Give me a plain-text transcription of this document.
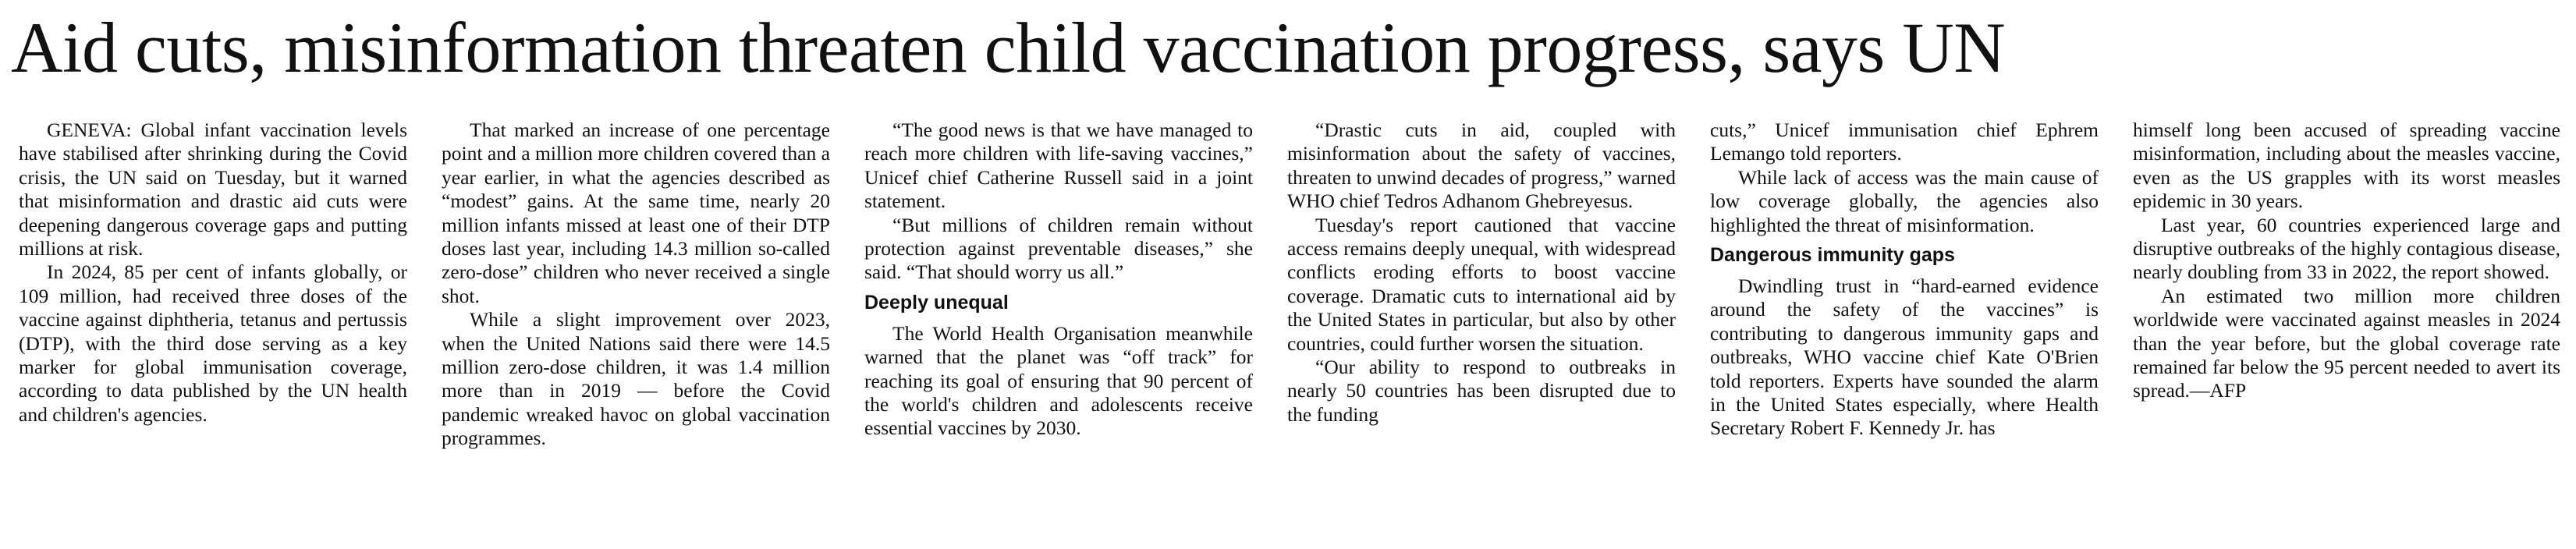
Aid cuts, misinformation threaten child vaccination progress, says UN

GENEVA: Global infant vaccination levels have stabilised after shrinking during the Covid crisis, the UN said on Tuesday, but it warned that misinformation and drastic aid cuts were deepening dangerous coverage gaps and putting millions at risk.

In 2024, 85 per cent of infants globally, or 109 million, had received three doses of the vaccine against diphtheria, tetanus and pertussis (DTP), with the third dose serving as a key marker for global immunisation coverage, according to data published by the UN health and children's agencies.

That marked an increase of one percentage point and a million more children covered than a year earlier, in what the agencies described as “modest” gains. At the same time, nearly 20 million infants missed at least one of their DTP doses last year, including 14.3 million so-called zero-dose” children who never received a single shot.

While a slight improvement over 2023, when the United Nations said there were 14.5 million zero-dose children, it was 1.4 million more than in 2019 — before the Covid pandemic wreaked havoc on global vaccination programmes.

“The good news is that we have managed to reach more children with life-saving vaccines,” Unicef chief Catherine Russell said in a joint statement.

“But millions of children remain without protection against preventable diseases,” she said. “That should worry us all.”

Deeply unequal

The World Health Organisation meanwhile warned that the planet was “off track” for reaching its goal of ensuring that 90 percent of the world's children and adolescents receive essential vaccines by 2030.

“Drastic cuts in aid, coupled with misinformation about the safety of vaccines, threaten to unwind decades of progress,” warned WHO chief Tedros Adhanom Ghebreyesus.

Tuesday's report cautioned that vaccine access remains deeply unequal, with widespread conflicts eroding efforts to boost vaccine coverage. Dramatic cuts to international aid by the United States in particular, but also by other countries, could further worsen the situation.

“Our ability to respond to outbreaks in nearly 50 countries has been disrupted due to the funding

cuts,” Unicef immunisation chief Ephrem Lemango told reporters.

While lack of access was the main cause of low coverage globally, the agencies also highlighted the threat of misinformation.

Dangerous immunity gaps

Dwindling trust in “hard-earned evidence around the safety of the vaccines” is contributing to dangerous immunity gaps and outbreaks, WHO vaccine chief Kate O'Brien told reporters. Experts have sounded the alarm in the United States especially, where Health Secretary Robert F. Kennedy Jr. has

himself long been accused of spreading vaccine misinformation, including about the measles vaccine, even as the US grapples with its worst measles epidemic in 30 years.

Last year, 60 countries experienced large and disruptive outbreaks of the highly contagious disease, nearly doubling from 33 in 2022, the report showed.

An estimated two million more children worldwide were vaccinated against measles in 2024 than the year before, but the global coverage rate remained far below the 95 percent needed to avert its spread.—AFP
